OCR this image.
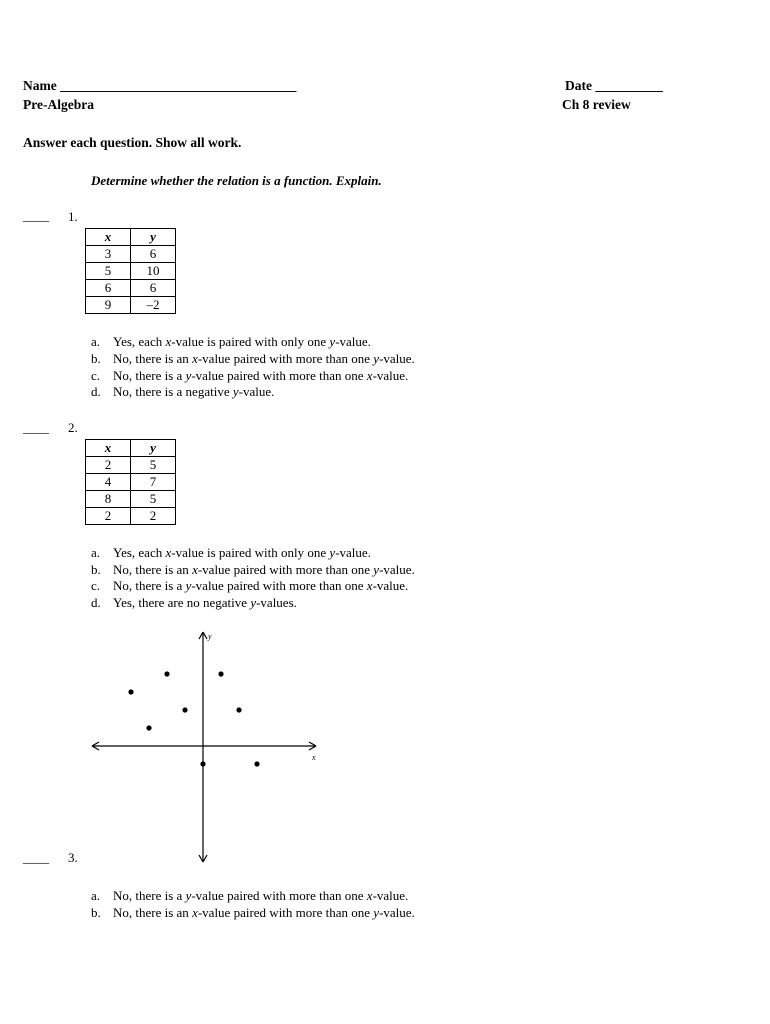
Name ___________________________________	Date __________
Pre-Algebra	Ch 8 review
Answer each question. Show all work.
Determine whether the relation is a function. Explain.
____ 1.
x	y
3	6
5	10
6	6
9	–2
a. Yes, each x-value is paired with only one y-value.
b. No, there is an x-value paired with more than one y-value.
c. No, there is a y-value paired with more than one x-value.
d. No, there is a negative y-value.
____ 2.
x	y
2	5
4	7
8	5
2	2
a. Yes, each x-value is paired with only one y-value.
b. No, there is an x-value paired with more than one y-value.
c. No, there is a y-value paired with more than one x-value.
d. Yes, there are no negative y-values.
x
y
____ 3.
a. No, there is a y-value paired with more than one x-value.
b. No, there is an x-value paired with more than one y-value.
